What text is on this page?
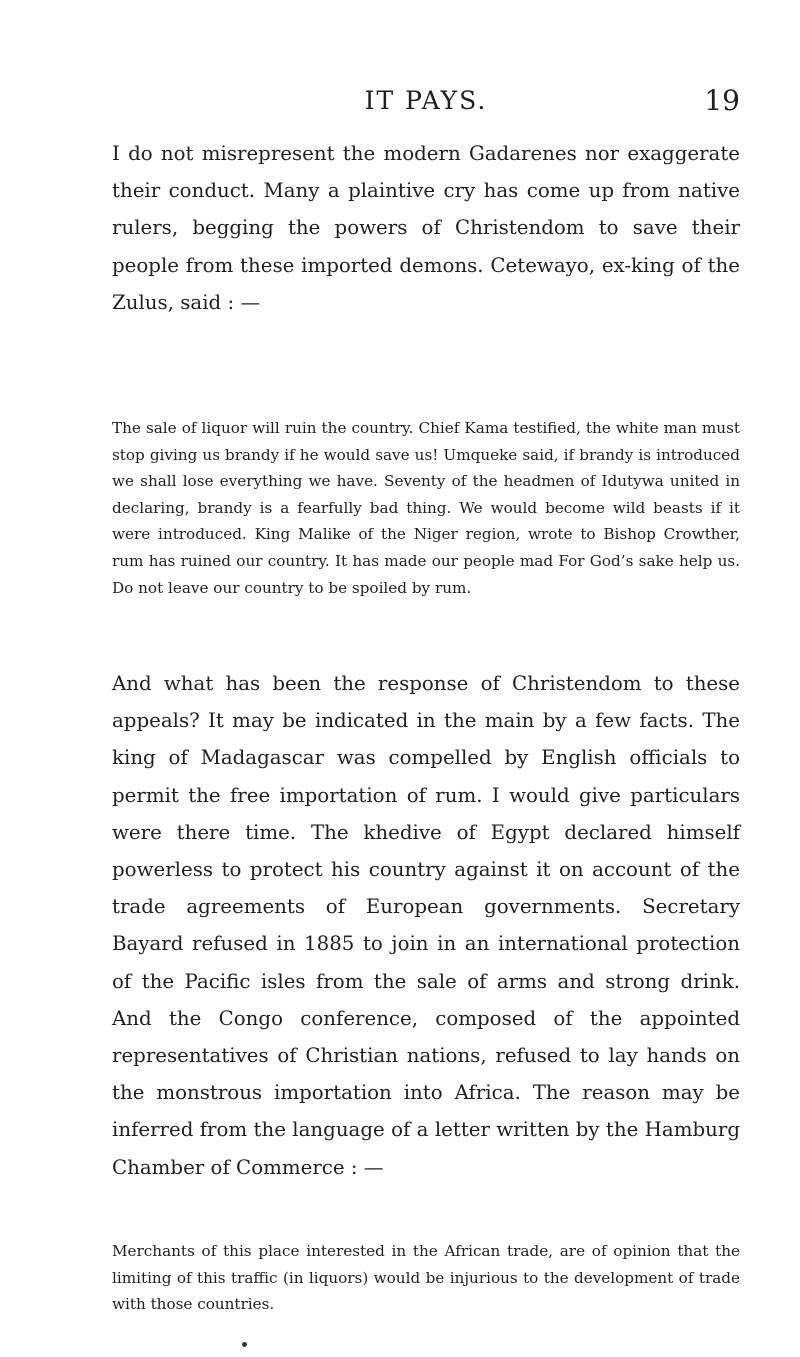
IT PAYS.	19

I do not misrepresent the modern Gadarenes nor exaggerate their conduct. Many a plaintive cry has come up from native rulers, begging the powers of Christendom to save their people from these imported demons. Cetewayo, ex-king of the Zulus, said : —

The sale of liquor will ruin the country. Chief Kama testified, the white man must stop giving us brandy if he would save us! Umqueke said, if brandy is introduced we shall lose everything we have. Seventy of the headmen of Idutywa united in declaring, brandy is a fearfully bad thing. We would become wild beasts if it were introduced. King Malike of the Niger region, wrote to Bishop Crowther, rum has ruined our country. It has made our people mad For God’s sake help us. Do not leave our country to be spoiled by rum.

And what has been the response of Christendom to these appeals? It may be indicated in the main by a few facts. The king of Madagascar was compelled by English officials to permit the free importation of rum. I would give particulars were there time. The khedive of Egypt declared himself powerless to protect his country against it on account of the trade agreements of European governments. Secretary Bayard refused in 1885 to join in an international protection of the Pacific isles from the sale of arms and strong drink. And the Congo conference, composed of the appointed representatives of Christian nations, refused to lay hands on the monstrous importation into Africa. The reason may be inferred from the language of a letter written by the Hamburg Chamber of Commerce : —

Merchants of this place interested in the African trade, are of opinion that the limiting of this traffic (in liquors) would be injurious to the development of trade with those countries.
